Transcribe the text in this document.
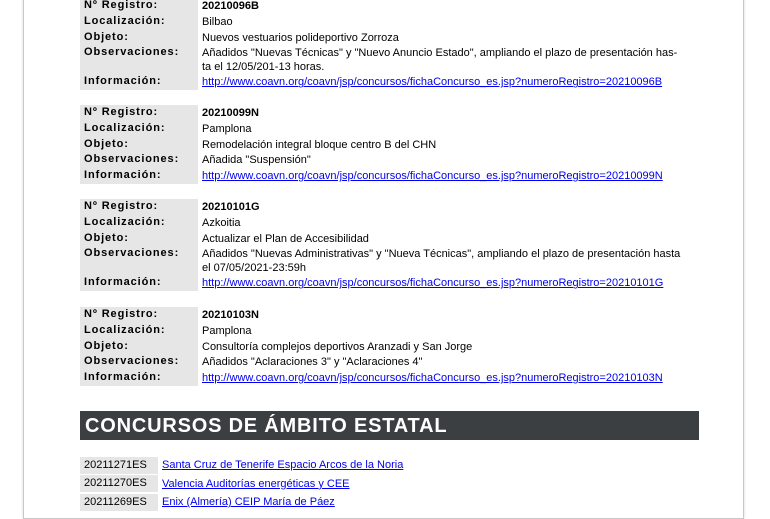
Nº Registro:	20210096B
Localización:	Bilbao
Objeto:	Nuevos vestuarios polideportivo Zorroza
Observaciones:	Añadidos "Nuevas Técnicas" y "Nuevo Anuncio Estado", ampliando el plazo de presentación has-
ta el 12/05/201-13 horas.
Información:	http://www.coavn.org/coavn/jsp/concursos/fichaConcurso_es.jsp?numeroRegistro=20210096B
Nº Registro:	20210099N
Localización:	Pamplona
Objeto:	Remodelación integral bloque centro B del CHN
Observaciones:	Añadida "Suspensión"
Información:	http://www.coavn.org/coavn/jsp/concursos/fichaConcurso_es.jsp?numeroRegistro=20210099N
Nº Registro:	20210101G
Localización:	Azkoitia
Objeto:	Actualizar el Plan de Accesibilidad
Observaciones:	Añadidos "Nuevas Administrativas" y "Nueva Técnicas", ampliando el plazo de presentación hasta
el 07/05/2021-23:59h
Información:	http://www.coavn.org/coavn/jsp/concursos/fichaConcurso_es.jsp?numeroRegistro=20210101G
Nº Registro:	20210103N
Localización:	Pamplona
Objeto:	Consultoría complejos deportivos Aranzadi y San Jorge
Observaciones:	Añadidos "Aclaraciones 3" y "Aclaraciones 4"
Información:	http://www.coavn.org/coavn/jsp/concursos/fichaConcurso_es.jsp?numeroRegistro=20210103N
CONCURSOS DE ÁMBITO ESTATAL
20211271ES	Santa Cruz de Tenerife Espacio Arcos de la Noria
20211270ES	Valencia Auditorías energéticas y CEE
20211269ES	Enix (Almería) CEIP María de Páez
